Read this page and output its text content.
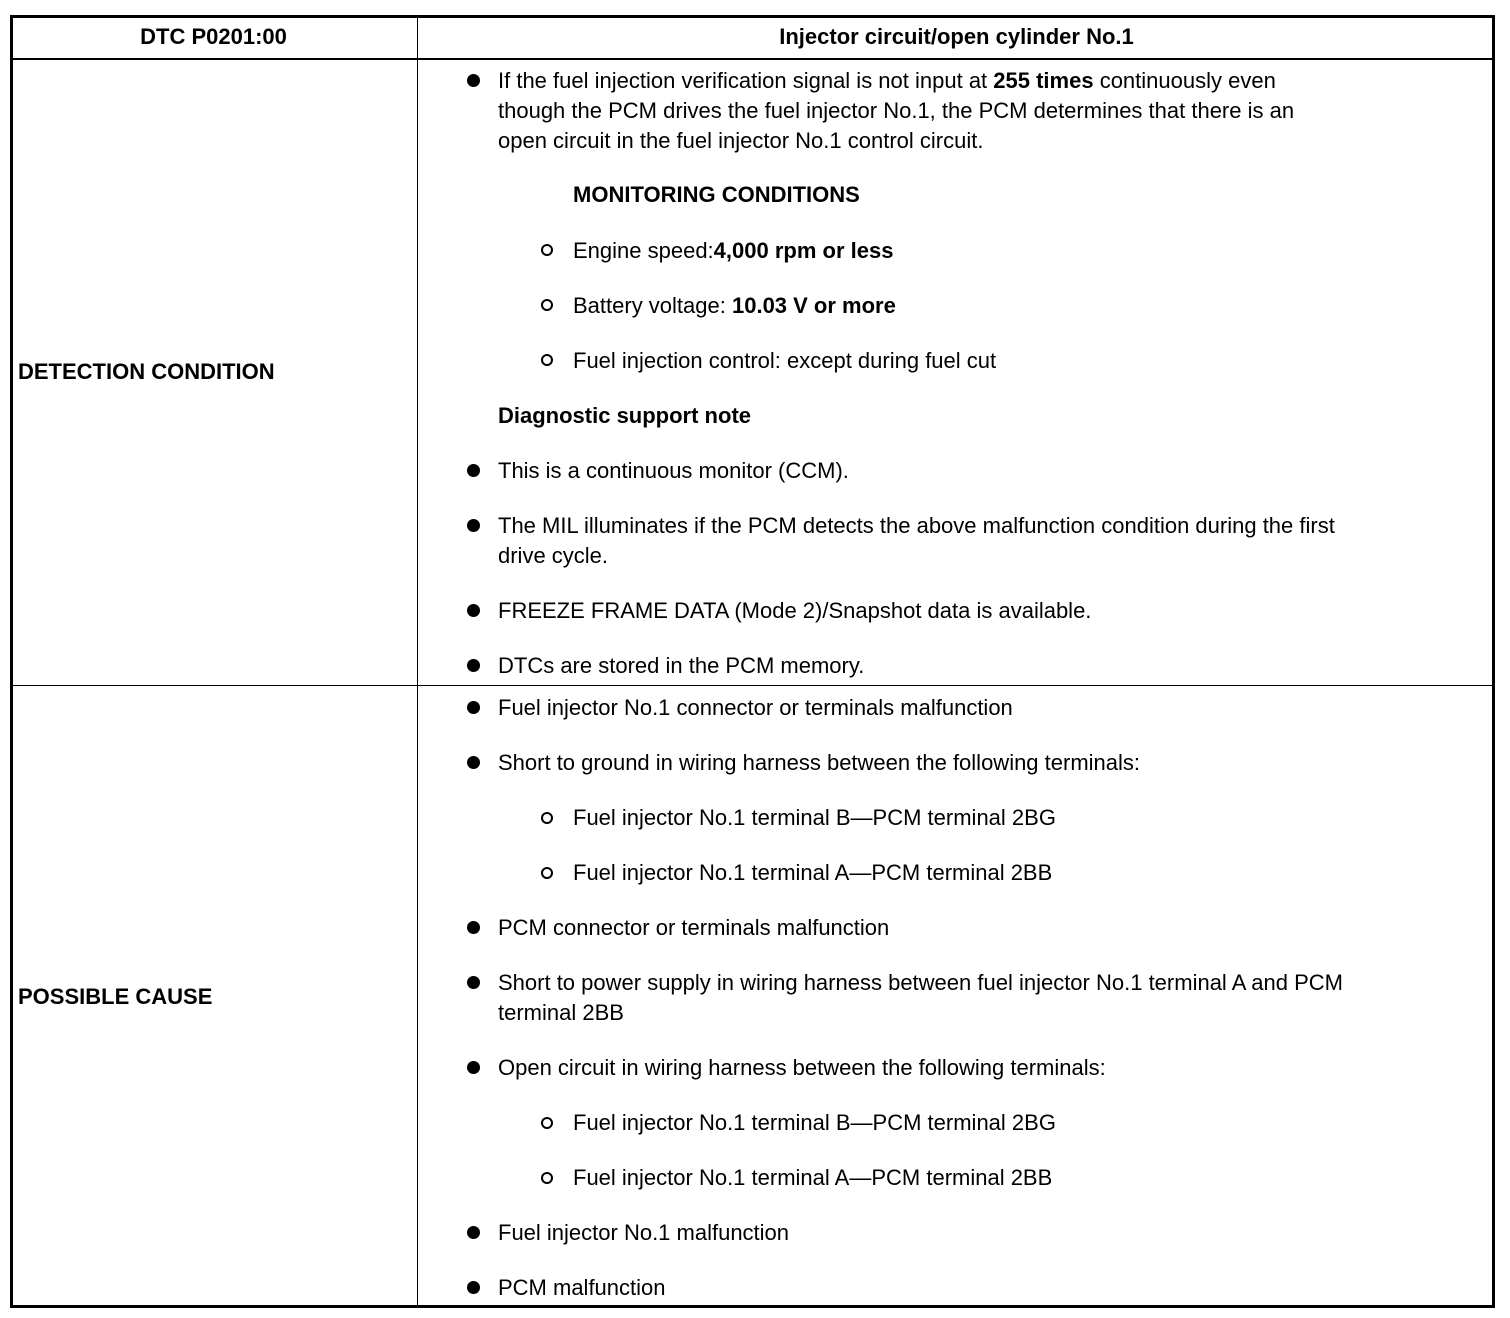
DTC P0201:00	Injector circuit/open cylinder No.1
DETECTION CONDITION
If the fuel injection verification signal is not input at 255 times continuously even
though the PCM drives the fuel injector No.1, the PCM determines that there is an
open circuit in the fuel injector No.1 control circuit.
MONITORING CONDITIONS
Engine speed:4,000 rpm or less
Battery voltage: 10.03 V or more
Fuel injection control: except during fuel cut
Diagnostic support note
This is a continuous monitor (CCM).
The MIL illuminates if the PCM detects the above malfunction condition during the first
drive cycle.
FREEZE FRAME DATA (Mode 2)/Snapshot data is available.
DTCs are stored in the PCM memory.
POSSIBLE CAUSE
Fuel injector No.1 connector or terminals malfunction
Short to ground in wiring harness between the following terminals:
Fuel injector No.1 terminal B—PCM terminal 2BG
Fuel injector No.1 terminal A—PCM terminal 2BB
PCM connector or terminals malfunction
Short to power supply in wiring harness between fuel injector No.1 terminal A and PCM
terminal 2BB
Open circuit in wiring harness between the following terminals:
Fuel injector No.1 terminal B—PCM terminal 2BG
Fuel injector No.1 terminal A—PCM terminal 2BB
Fuel injector No.1 malfunction
PCM malfunction
